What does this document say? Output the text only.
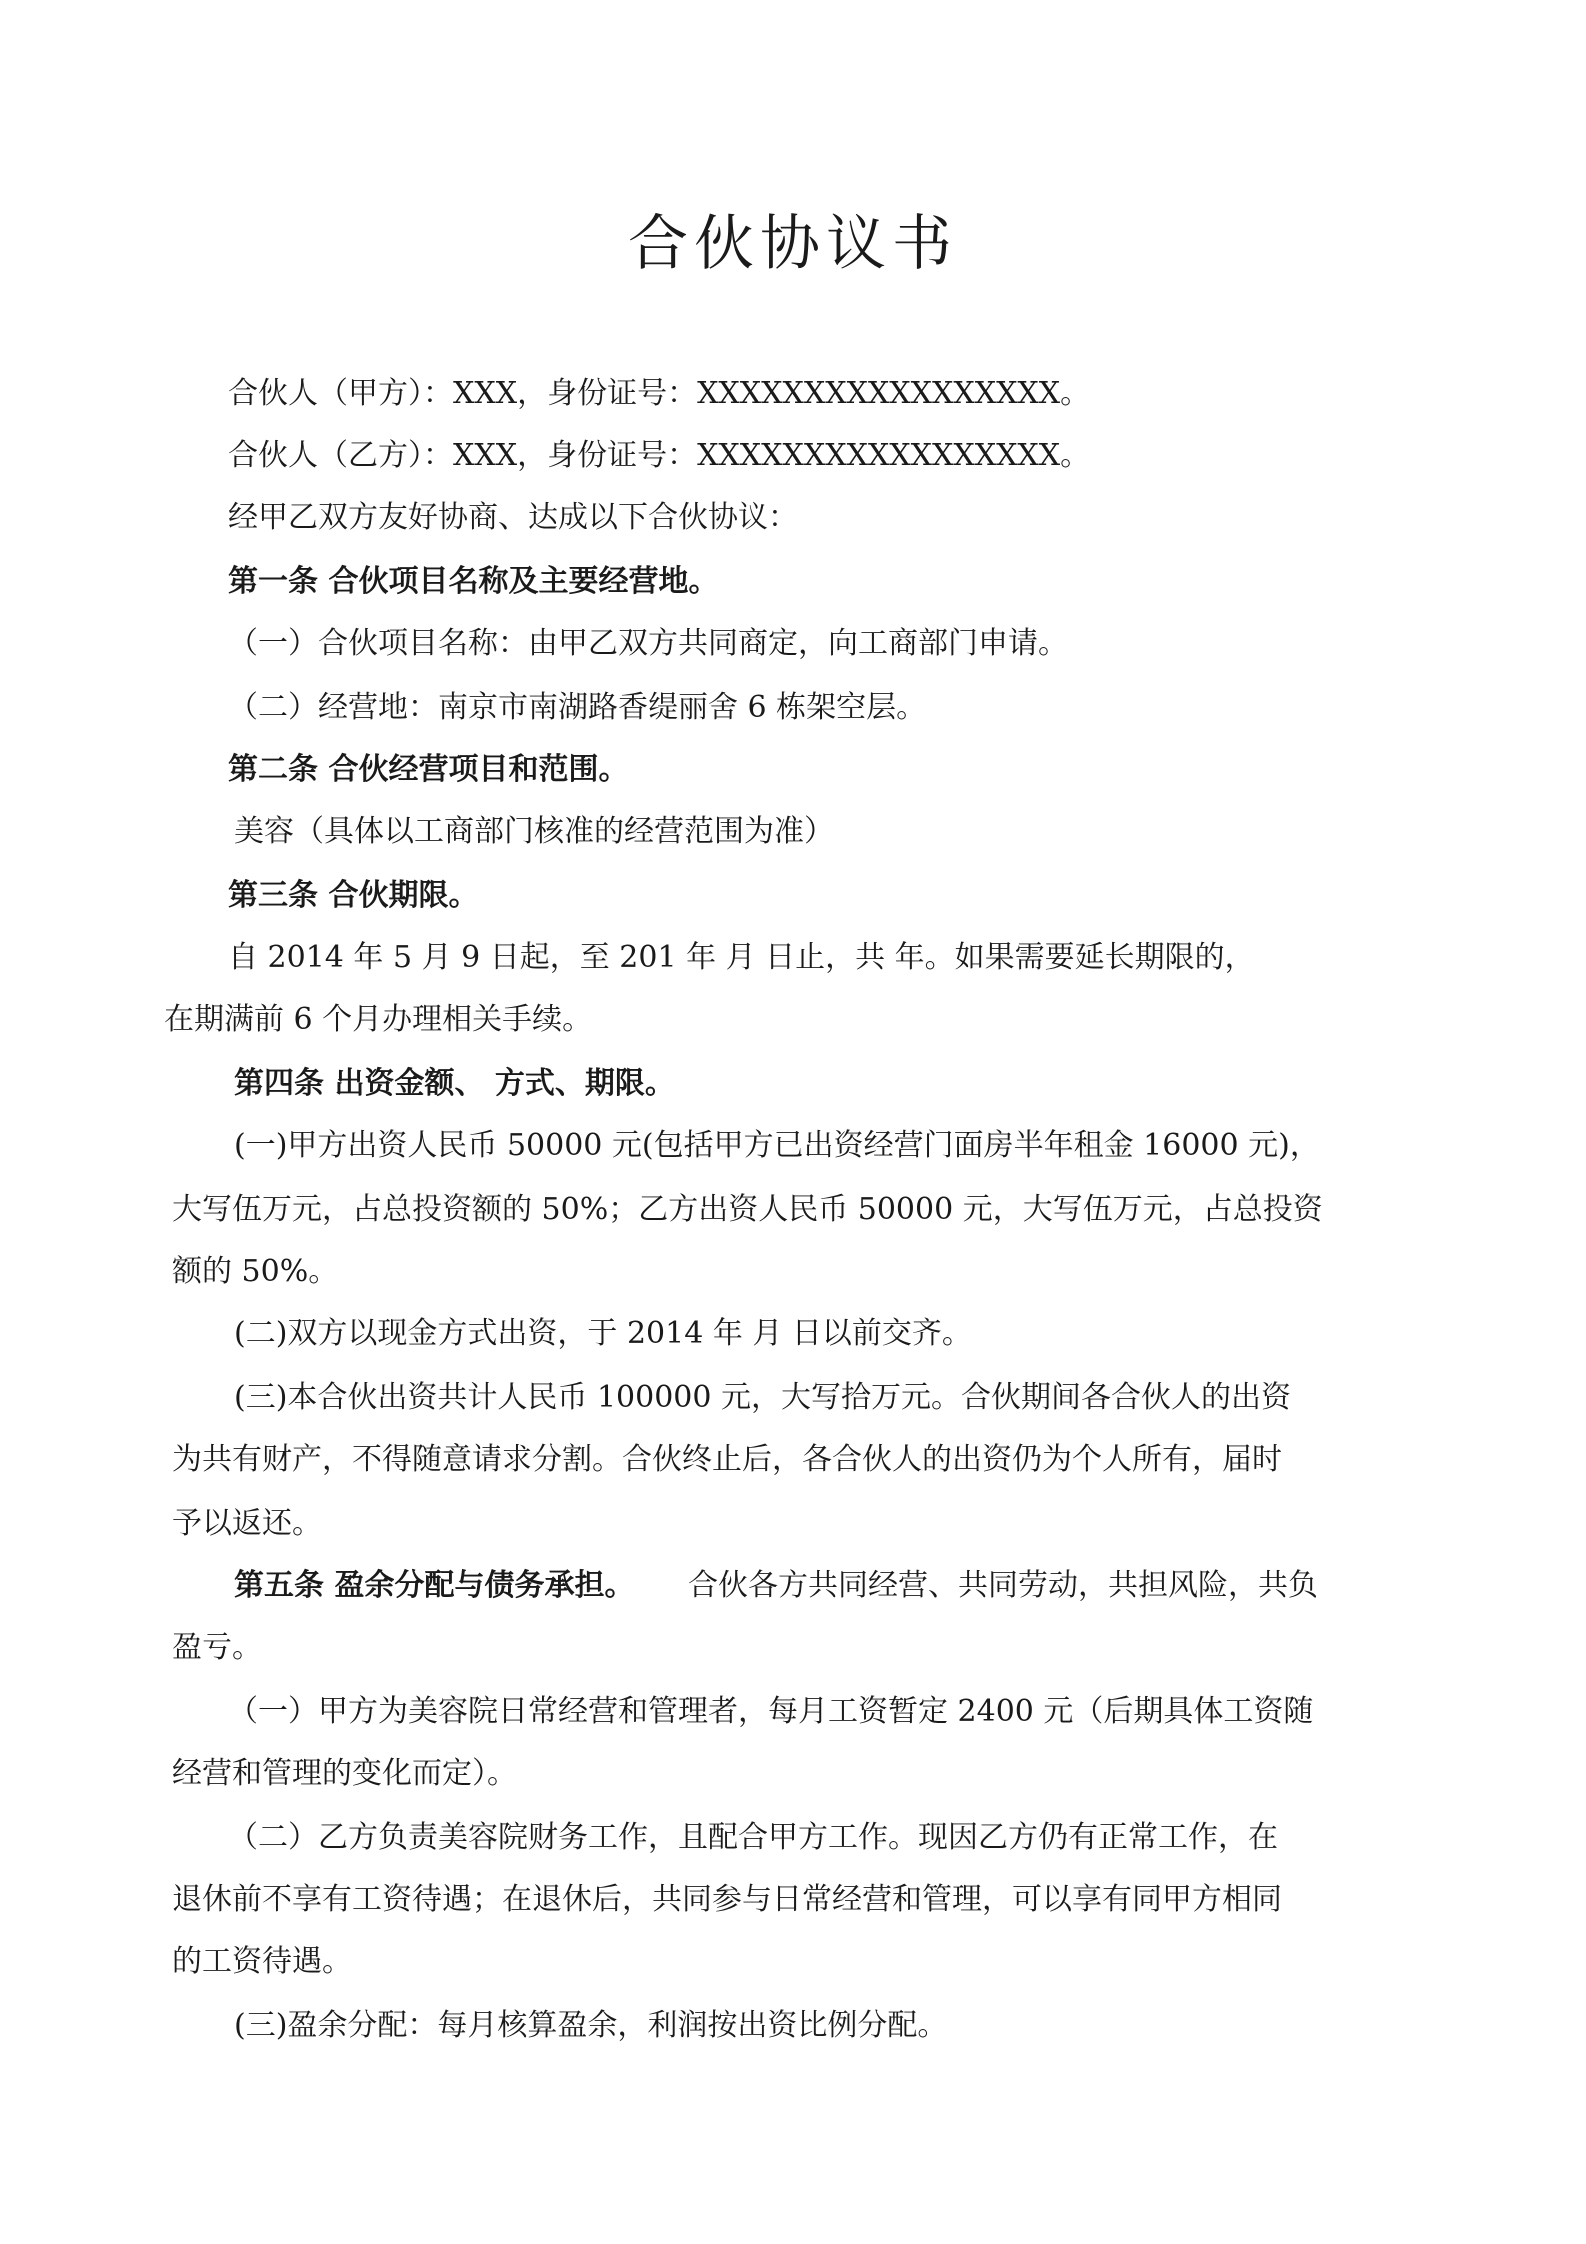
合伙协议书
合伙人（甲方）：XXX，身份证号：XXXXXXXXXXXXXXXXX。
合伙人（乙方）：XXX，身份证号：XXXXXXXXXXXXXXXXX。
经甲乙双方友好协商、达成以下合伙协议：
第一条 合伙项目名称及主要经营地。
（一）合伙项目名称：由甲乙双方共同商定，向工商部门申请。
（二）经营地：南京市南湖路香缇丽舍 6 栋架空层。
第二条 合伙经营项目和范围。
美容（具体以工商部门核准的经营范围为准）
第三条 合伙期限。
自 2014 年 5 月 9 日起，至 201 年 月 日止，共 年。如果需要延长期限的，
在期满前 6 个月办理相关手续。
第四条 出资金额、 方式、期限。
(一)甲方出资人民币 50000 元(包括甲方已出资经营门面房半年租金 16000 元)，
大写伍万元，占总投资额的 50%；乙方出资人民币 50000 元，大写伍万元，占总投资
额的 50%。
(二)双方以现金方式出资，于 2014 年 月 日以前交齐。
(三)本合伙出资共计人民币 100000 元，大写拾万元。合伙期间各合伙人的出资
为共有财产，不得随意请求分割。合伙终止后，各合伙人的出资仍为个人所有，届时
予以返还。
第五条 盈余分配与债务承担。 合伙各方共同经营、共同劳动，共担风险，共负
盈亏。
（一）甲方为美容院日常经营和管理者，每月工资暂定 2400 元（后期具体工资随
经营和管理的变化而定）。
（二）乙方负责美容院财务工作，且配合甲方工作。现因乙方仍有正常工作，在
退休前不享有工资待遇；在退休后，共同参与日常经营和管理，可以享有同甲方相同
的工资待遇。
(三)盈余分配：每月核算盈余，利润按出资比例分配。
